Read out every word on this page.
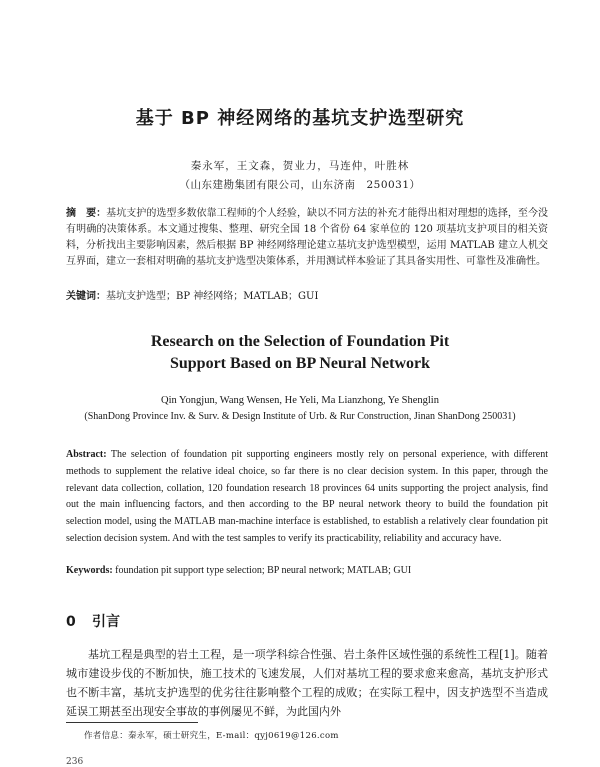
基于 BP 神经网络的基坑支护选型研究
秦永军，王文森，贺业力，马连仲，叶胜林
（山东建勘集团有限公司，山东济南　250031）
摘　要：基坑支护的选型多数依靠工程师的个人经验，缺以不同方法的补充才能得出相对理想的选择，至今没有明确的决策体系。本文通过搜集、整理、研究全国 18 个省份 64 家单位的 120 项基坑支护项目的相关资料，分析找出主要影响因素，然后根据 BP 神经网络理论建立基坑支护选型模型，运用 MATLAB 建立人机交互界面，建立一套相对明确的基坑支护选型决策体系，并用测试样本验证了其具备实用性、可靠性及准确性。
关键词：基坑支护选型；BP 神经网络；MATLAB；GUI
Research on the Selection of Foundation Pit
Support Based on BP Neural Network
Qin Yongjun, Wang Wensen, He Yeli, Ma Lianzhong, Ye Shenglin
(ShanDong Province Inv. & Surv. & Design Institute of Urb. & Rur Construction, Jinan ShanDong 250031)
Abstract: The selection of foundation pit supporting engineers mostly rely on personal experience, with different methods to supplement the relative ideal choice, so far there is no clear decision system. In this paper, through the relevant data collection, collation, 120 foundation research 18 provinces 64 units supporting the project analysis, find out the main influencing factors, and then according to the BP neural network theory to build the foundation pit selection model, using the MATLAB man-machine interface is established, to establish a relatively clear foundation pit selection decision system. And with the test samples to verify its practicability, reliability and accuracy have.
Keywords: foundation pit support type selection; BP neural network; MATLAB; GUI
0 引言
基坑工程是典型的岩土工程，是一项学科综合性强、岩土条件区域性强的系统性工程[1]。随着城市建设步伐的不断加快，施工技术的飞速发展，人们对基坑工程的要求愈来愈高，基坑支护形式也不断丰富，基坑支护选型的优劣往往影响整个工程的成败；在实际工程中，因支护选型不当造成延误工期甚至出现安全事故的事例屡见不鲜，为此国内外
作者信息：秦永军，硕士研究生，E-mail：qyj0619@126.com
236
